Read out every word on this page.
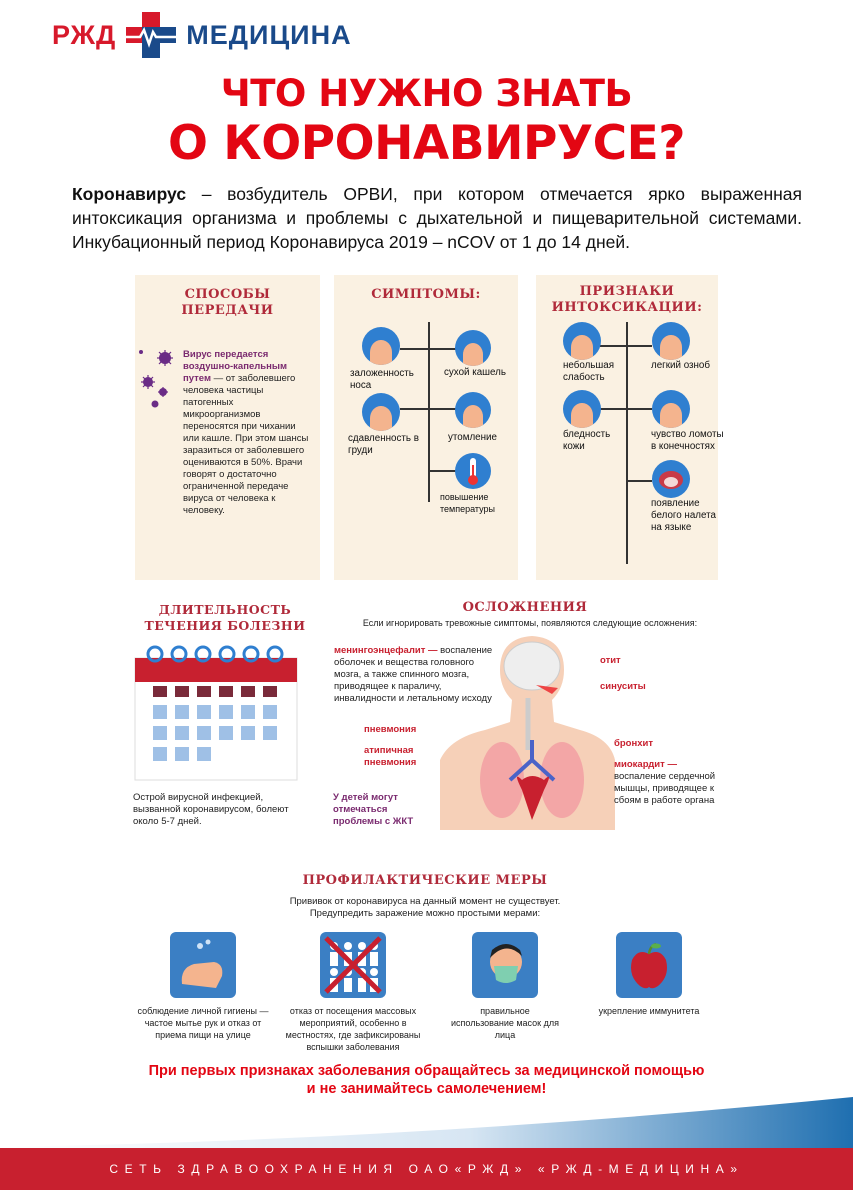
РЖД	МЕДИЦИНА
ЧТО НУЖНО ЗНАТЬ
О КОРОНАВИРУСЕ?
Коронавирус – возбудитель ОРВИ, при котором отмечается ярко выраженная интоксикация организма и проблемы с дыхательной и пищеварительной системами. Инкубационный период Коронавируса 2019 – nCOV от 1 до 14 дней.
СПОСОБЫ
ПЕРЕДАЧИ
Вирус передается воздушно-капельным путем — от заболевшего человека частицы патогенных микроорганизмов переносятся при чихании или кашле. При этом шансы заразиться от заболевшего оцениваются в 50%. Врачи говорят о достаточно ограниченной передаче вируса от человека к человеку.
СИМПТОМЫ:
заложенность носа
сухой кашель
сдавленность в груди
утомление
повышение температуры
ПРИЗНАКИ
ИНТОКСИКАЦИИ:
небольшая слабость
легкий озноб
бледность кожи
чувство ломоты в конечностях
появление белого налета на языке
ДЛИТЕЛЬНОСТЬ
ТЕЧЕНИЯ БОЛЕЗНИ
Острой вирусной инфекцией, вызванной коронавирусом, болеют около 5-7 дней.
ОСЛОЖНЕНИЯ
Если игнорировать тревожные симптомы, появляются следующие осложнения:
менингоэнцефалит — воспаление оболочек и вещества головного мозга, а также спинного мозга, приводящее к параличу, инвалидности и летальному исходу
отит
синуситы
пневмония
атипичная пневмония
бронхит
миокардит — воспаление сердечной мышцы, приводящее к сбоям в работе органа
У детей могут отмечаться проблемы с ЖКТ
ПРОФИЛАКТИЧЕСКИЕ МЕРЫ
Прививок от коронавируса на данный момент не существует.
Предупредить заражение можно простыми мерами:
соблюдение личной гигиены — частое мытье рук и отказ от приема пищи на улице
отказ от посещения массовых мероприятий, особенно в местностях, где зафиксированы вспышки заболевания
правильное использование масок для лица
укрепление иммунитета
При первых признаках заболевания обращайтесь за медицинской помощью
и не занимайтесь самолечением!
СЕТЬ ЗДРАВООХРАНЕНИЯ ОАО«РЖД» «РЖД-МЕДИЦИНА»
